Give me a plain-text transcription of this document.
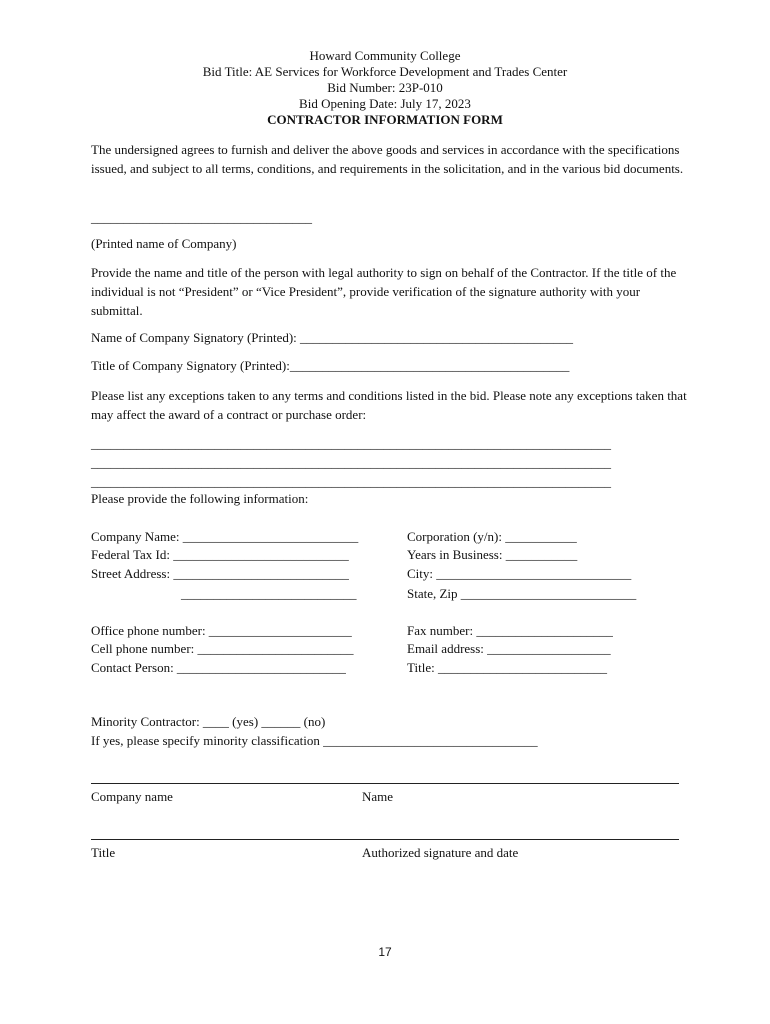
Howard Community College
Bid Title: AE Services for Workforce Development and Trades Center
Bid Number: 23P-010
Bid Opening Date: July 17, 2023
CONTRACTOR INFORMATION FORM
The undersigned agrees to furnish and deliver the above goods and services in accordance with the specifications issued, and subject to all terms, conditions, and requirements in the solicitation, and in the various bid documents.
__________________________________
(Printed name of Company)
Provide the name and title of the person with legal authority to sign on behalf of the Contractor. If the title of the individual is not “President” or “Vice President”, provide verification of the signature authority with your submittal.
Name of Company Signatory (Printed): __________________________________________
Title of Company Signatory (Printed):___________________________________________
Please list any exceptions taken to any terms and conditions listed in the bid. Please note any exceptions taken that may affect the award of a contract or purchase order:
________________________________________________________________________________
________________________________________________________________________________
________________________________________________________________________________
Please provide the following information:
Company Name: ___________________________
Federal Tax Id: ___________________________
Street Address: ___________________________
___________________________
Office phone number: ______________________
Cell phone number: ________________________
Contact Person: __________________________
Corporation (y/n): ___________
Years in Business: ___________
City: ______________________________
State, Zip ___________________________
Fax number: _____________________
Email address: ___________________
Title: __________________________
Minority Contractor: ____ (yes) ______ (no)
If yes, please specify minority classification _________________________________
Company name	Name
Title	Authorized signature and date
17
